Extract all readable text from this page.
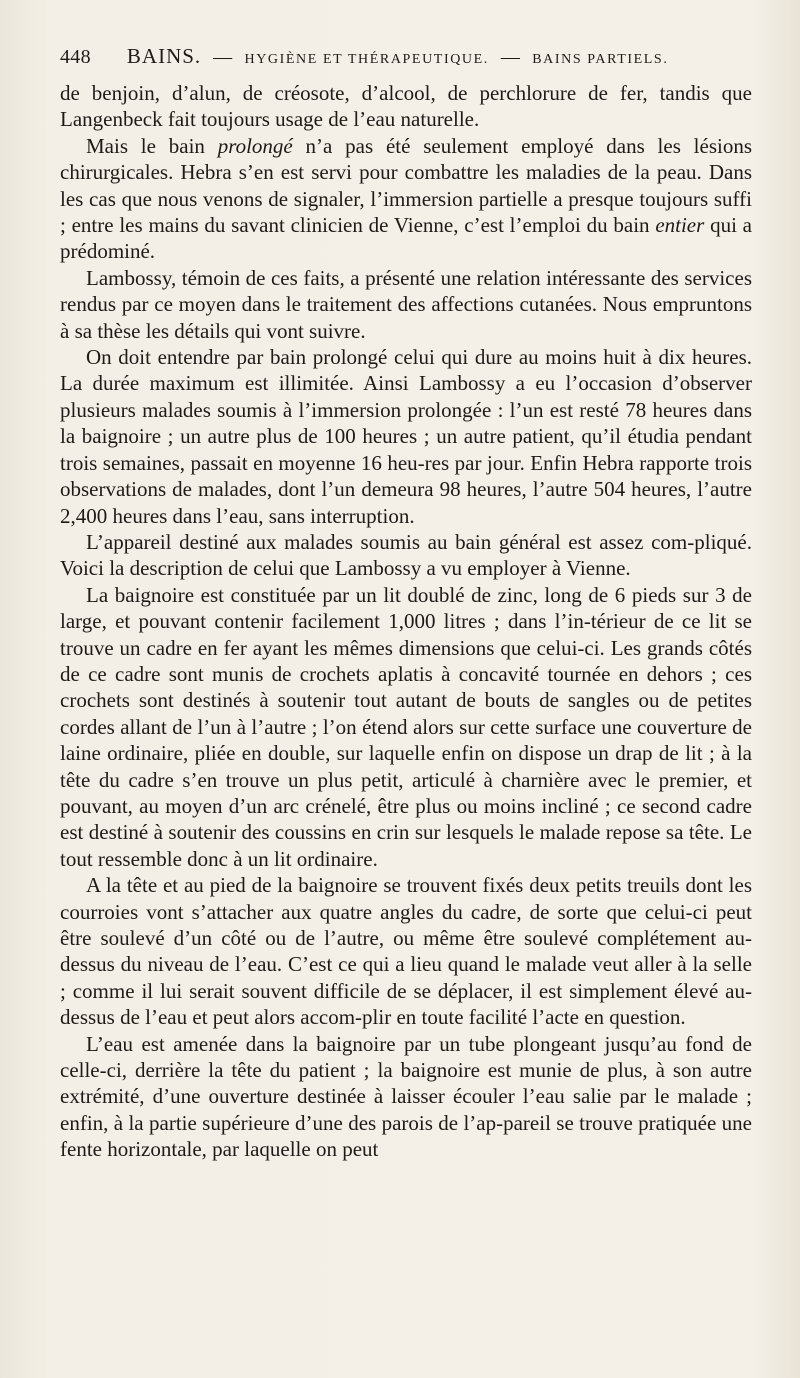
448 BAINS. — HYGIÈNE ET THÉRAPEUTIQUE. — BAINS PARTIELS.

de benjoin, d’alun, de créosote, d’alcool, de perchlorure de fer, tandis que Langenbeck fait toujours usage de l’eau naturelle.

Mais le bain prolongé n’a pas été seulement employé dans les lésions chirurgicales. Hebra s’en est servi pour combattre les maladies de la peau. Dans les cas que nous venons de signaler, l’immersion partielle a presque toujours suffi ; entre les mains du savant clinicien de Vienne, c’est l’emploi du bain entier qui a prédominé.

Lambossy, témoin de ces faits, a présenté une relation intéressante des services rendus par ce moyen dans le traitement des affections cutanées. Nous empruntons à sa thèse les détails qui vont suivre.

On doit entendre par bain prolongé celui qui dure au moins huit à dix heures. La durée maximum est illimitée. Ainsi Lambossy a eu l’occasion d’observer plusieurs malades soumis à l’immersion prolongée : l’un est resté 78 heures dans la baignoire ; un autre plus de 100 heures ; un autre patient, qu’il étudia pendant trois semaines, passait en moyenne 16 heu-res par jour. Enfin Hebra rapporte trois observations de malades, dont l’un demeura 98 heures, l’autre 504 heures, l’autre 2,400 heures dans l’eau, sans interruption.

L’appareil destiné aux malades soumis au bain général est assez com-pliqué. Voici la description de celui que Lambossy a vu employer à Vienne.

La baignoire est constituée par un lit doublé de zinc, long de 6 pieds sur 3 de large, et pouvant contenir facilement 1,000 litres ; dans l’in-térieur de ce lit se trouve un cadre en fer ayant les mêmes dimensions que celui-ci. Les grands côtés de ce cadre sont munis de crochets aplatis à concavité tournée en dehors ; ces crochets sont destinés à soutenir tout autant de bouts de sangles ou de petites cordes allant de l’un à l’autre ; l’on étend alors sur cette surface une couverture de laine ordinaire, pliée en double, sur laquelle enfin on dispose un drap de lit ; à la tête du cadre s’en trouve un plus petit, articulé à charnière avec le premier, et pouvant, au moyen d’un arc crénelé, être plus ou moins incliné ; ce second cadre est destiné à soutenir des coussins en crin sur lesquels le malade repose sa tête. Le tout ressemble donc à un lit ordinaire.

A la tête et au pied de la baignoire se trouvent fixés deux petits treuils dont les courroies vont s’attacher aux quatre angles du cadre, de sorte que celui-ci peut être soulevé d’un côté ou de l’autre, ou même être soulevé complétement au-dessus du niveau de l’eau. C’est ce qui a lieu quand le malade veut aller à la selle ; comme il lui serait souvent difficile de se déplacer, il est simplement élevé au-dessus de l’eau et peut alors accom-plir en toute facilité l’acte en question.

L’eau est amenée dans la baignoire par un tube plongeant jusqu’au fond de celle-ci, derrière la tête du patient ; la baignoire est munie de plus, à son autre extrémité, d’une ouverture destinée à laisser écouler l’eau salie par le malade ; enfin, à la partie supérieure d’une des parois de l’ap-pareil se trouve pratiquée une fente horizontale, par laquelle on peut
